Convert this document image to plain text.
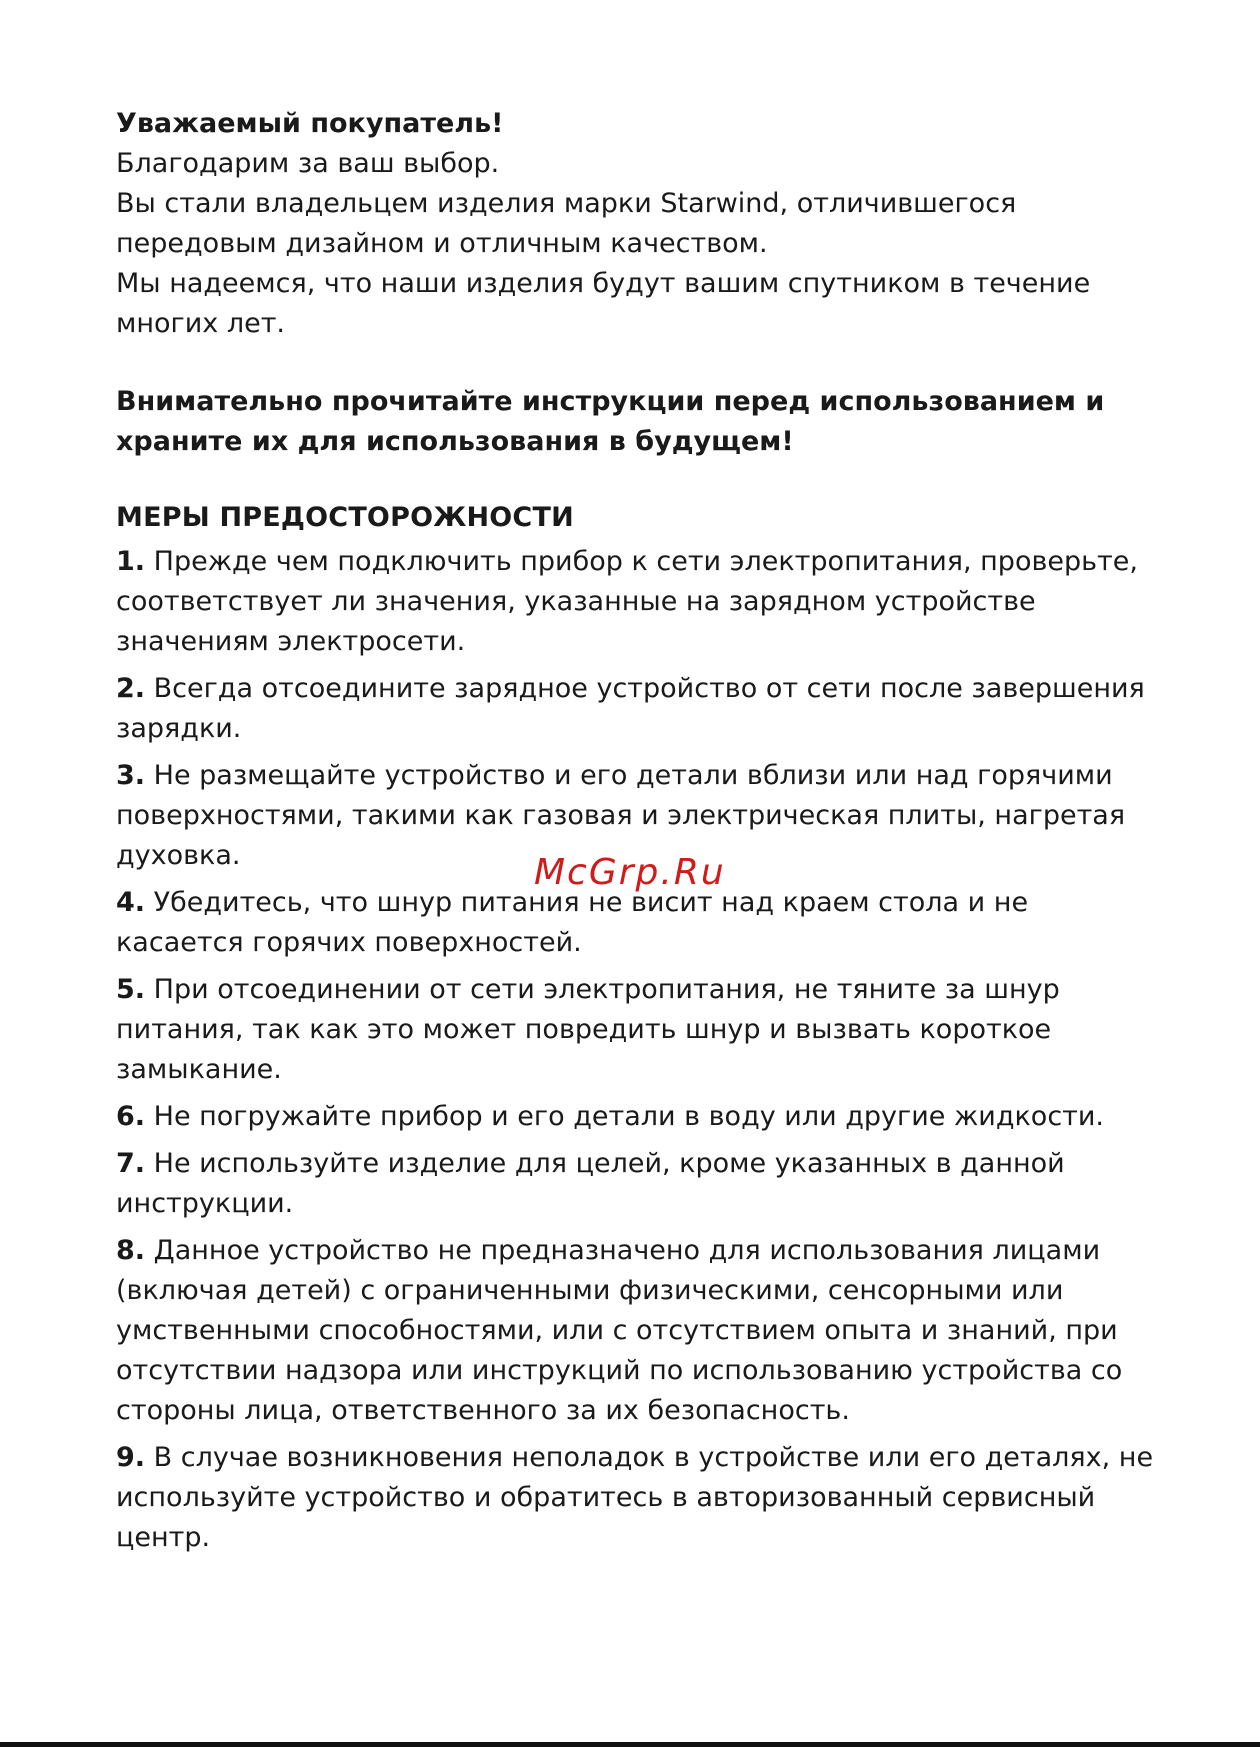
Уважаемый покупатель!

Благодарим за ваш выбор.

Вы стали владельцем изделия марки Starwind, отличившегося передовым дизайном и отличным качеством.

Мы надеемся, что наши изделия будут вашим спутником в течение многих лет.

Внимательно прочитайте инструкции перед использованием и храните их для использования в будущем!

МЕРЫ ПРЕДОСТОРОЖНОСТИ

1. Прежде чем подключить прибор к сети электропитания, проверьте, соответствует ли значения, указанные на зарядном устройстве значениям электросети.

2. Всегда отсоедините зарядное устройство от сети после завершения зарядки.

3. Не размещайте устройство и его детали вблизи или над горячими поверхностями, такими как газовая и электрическая плиты, нагретая духовка.

4. Убедитесь, что шнур питания не висит над краем стола и не касается горячих поверхностей.

5. При отсоединении от сети электропитания, не тяните за шнур питания, так как это может повредить шнур и вызвать короткое замыкание.

6. Не погружайте прибор и его детали в воду или другие жидкости.

7. Не используйте изделие для целей, кроме указанных в данной инструкции.

8. Данное устройство не предназначено для использования лицами (включая детей) с ограниченными физическими, сенсорными или умственными способностями, или с отсутствием опыта и знаний, при отсутствии надзора или инструкций по использованию устройства со стороны лица, ответственного за их безопасность.

9. В случае возникновения неполадок в устройстве или его деталях, не используйте устройство и обратитесь в авторизованный сервисный центр.

McGrp.Ru
